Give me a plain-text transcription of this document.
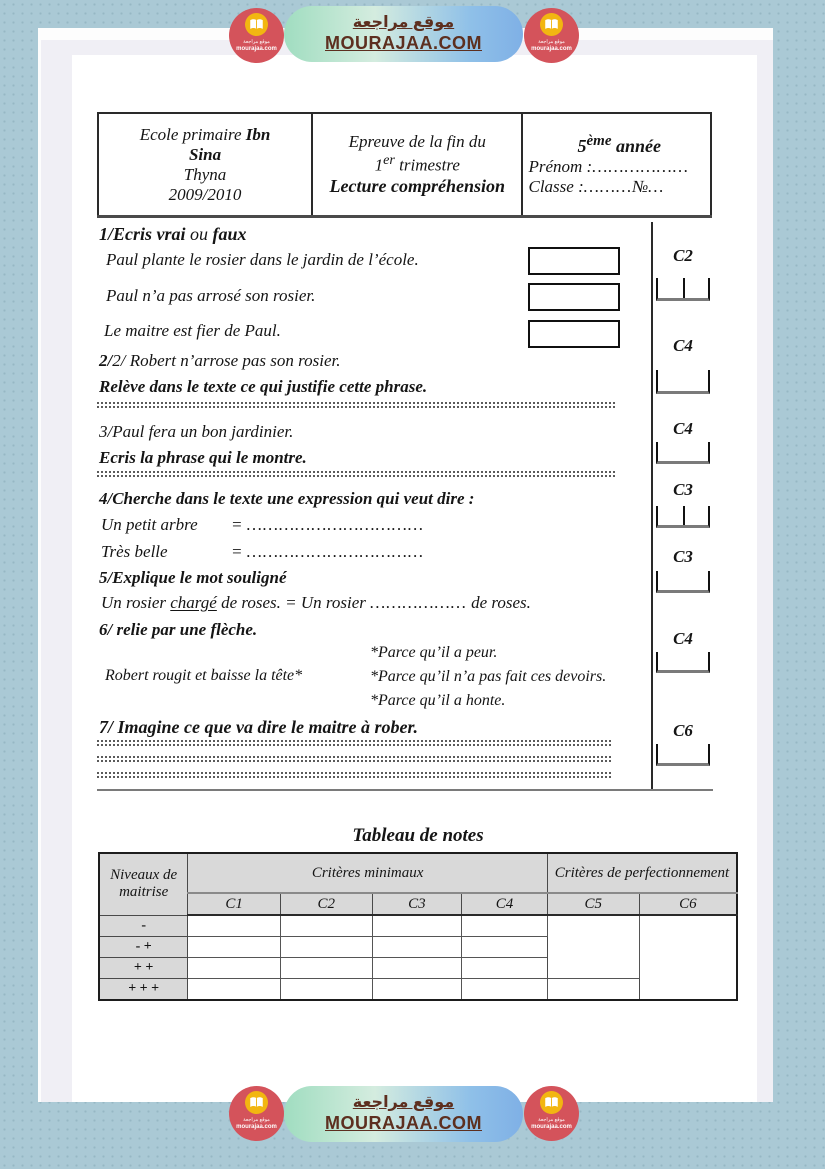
موقع مراجعة
mourajaa.com
موقع مراجعة
MOURAJAA.COM	موقع مراجعة
mourajaa.com
Ecole primaire Ibn
Sina
Thyna
2009/2010

Epreuve de la fin du
1er trimestre
Lecture compréhension

5ème année
Prénom :………………
Classe :………№…
1/Ecris vrai ou faux
Paul plante le rosier dans le jardin de l’école.
Paul n’a pas arrosé son rosier.
Le maitre est fier de Paul.
2/2/ Robert n’arrose pas son rosier.
Relève dans le texte ce qui justifie cette phrase.
3/Paul fera un bon jardinier.
Ecris la phrase qui le montre.
4/Cherche dans le texte une expression qui veut dire :
Un petit arbre = ……………………………
Très belle	= ……………………………
5/Explique le mot souligné
Un rosier chargé de roses. = Un rosier ……………… de roses.
6/ relie par une flèche.
*Parce qu’il a peur.
Robert rougit et baisse la tête*	*Parce qu’il n’a pas fait ces devoirs.
*Parce qu’il a honte.
7/ Imagine ce que va dire le maitre à rober.
C2
C4
C4
C3
C3
C4
C6
Tableau de notes
Niveaux de maitrise	Critères minimaux				Critères de perfectionnement	
	C1	C2	C3	C4	C5	C6
-						
- +						
+ +						
+ + +						
موقع مراجعة
mourajaa.com
موقع مراجعة
MOURAJAA.COM	موقع مراجعة
mourajaa.com
